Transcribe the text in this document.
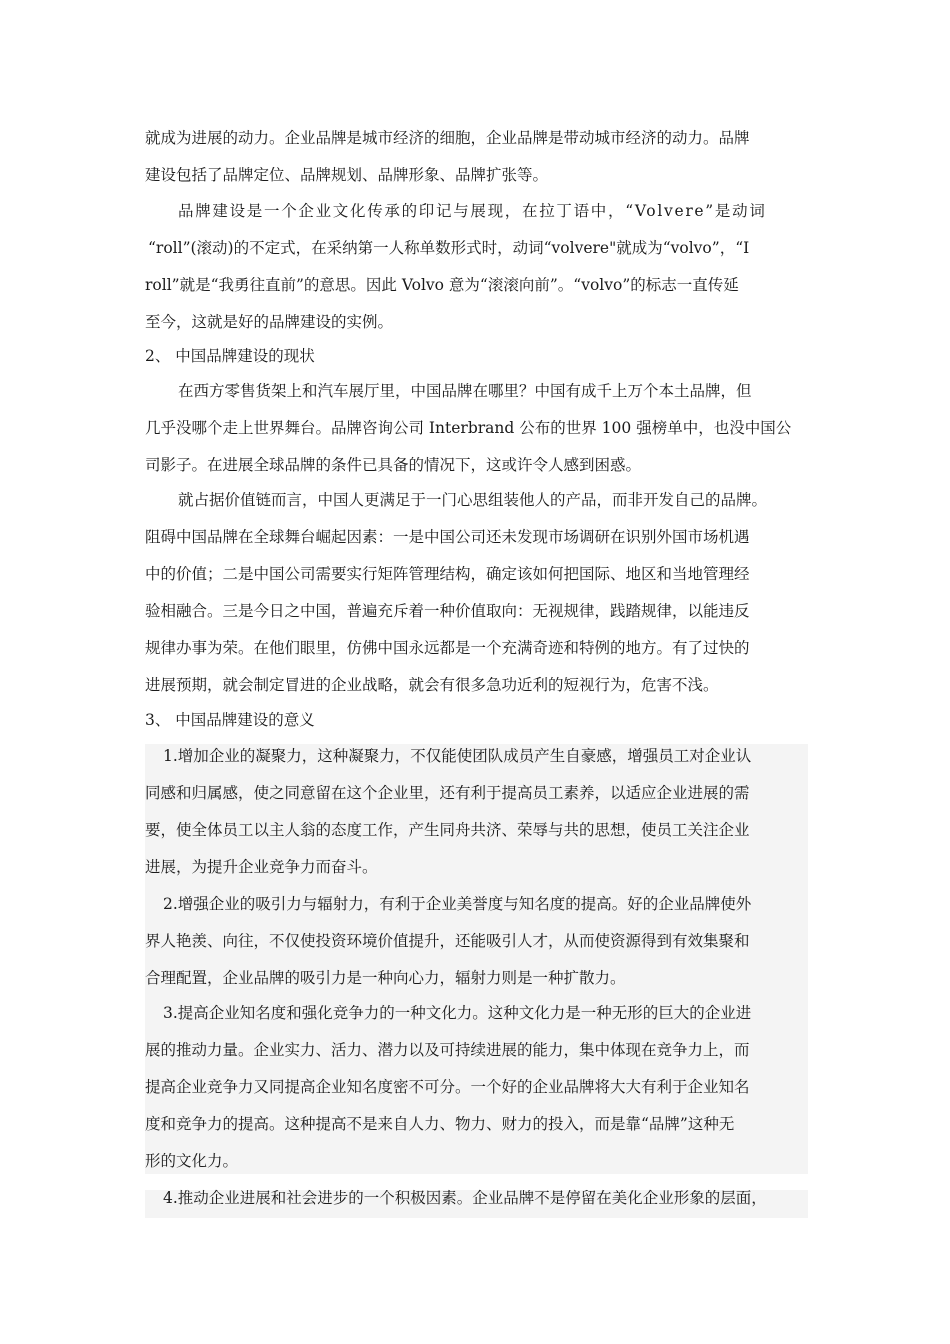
就成为进展的动力。企业品牌是城市经济的细胞，企业品牌是带动城市经济的动力。品牌
建设包括了品牌定位、品牌规划、品牌形象、品牌扩张等。
品牌建设是一个企业文化传承的印记与展现，在拉丁语中，“Volvere”是动词
“roll”(滚动)的不定式，在采纳第一人称单数形式时，动词“volvere"就成为“volvo”，“I
roll”就是“我勇往直前”的意思。因此 Volvo 意为“滚滚向前”。“volvo”的标志一直传延
至今，这就是好的品牌建设的实例。
2、 中国品牌建设的现状
在西方零售货架上和汽车展厅里，中国品牌在哪里？中国有成千上万个本土品牌，但
几乎没哪个走上世界舞台。品牌咨询公司 Interbrand 公布的世界 100 强榜单中，也没中国公
司影子。在进展全球品牌的条件已具备的情况下，这或许令人感到困惑。
就占据价值链而言，中国人更满足于一门心思组装他人的产品，而非开发自己的品牌。
阻碍中国品牌在全球舞台崛起因素：一是中国公司还未发现市场调研在识别外国市场机遇
中的价值；二是中国公司需要实行矩阵管理结构，确定该如何把国际、地区和当地管理经
验相融合。三是今日之中国，普遍充斥着一种价值取向：无视规律，践踏规律，以能违反
规律办事为荣。在他们眼里，仿佛中国永远都是一个充满奇迹和特例的地方。有了过快的
进展预期，就会制定冒进的企业战略，就会有很多急功近利的短视行为，危害不浅。
3、 中国品牌建设的意义
1.增加企业的凝聚力，这种凝聚力，不仅能使团队成员产生自豪感，增强员工对企业认
同感和归属感，使之同意留在这个企业里，还有利于提高员工素养，以适应企业进展的需
要，使全体员工以主人翁的态度工作，产生同舟共济、荣辱与共的思想，使员工关注企业
进展，为提升企业竞争力而奋斗。
2.增强企业的吸引力与辐射力，有利于企业美誉度与知名度的提高。好的企业品牌使外
界人艳羡、向往，不仅使投资环境价值提升，还能吸引人才，从而使资源得到有效集聚和
合理配置，企业品牌的吸引力是一种向心力，辐射力则是一种扩散力。
3.提高企业知名度和强化竞争力的一种文化力。这种文化力是一种无形的巨大的企业进
展的推动力量。企业实力、活力、潜力以及可持续进展的能力，集中体现在竞争力上，而
提高企业竞争力又同提高企业知名度密不可分。一个好的企业品牌将大大有利于企业知名
度和竞争力的提高。这种提高不是来自人力、物力、财力的投入，而是靠“品牌”这种无
形的文化力。
4.推动企业进展和社会进步的一个积极因素。企业品牌不是停留在美化企业形象的层面，
